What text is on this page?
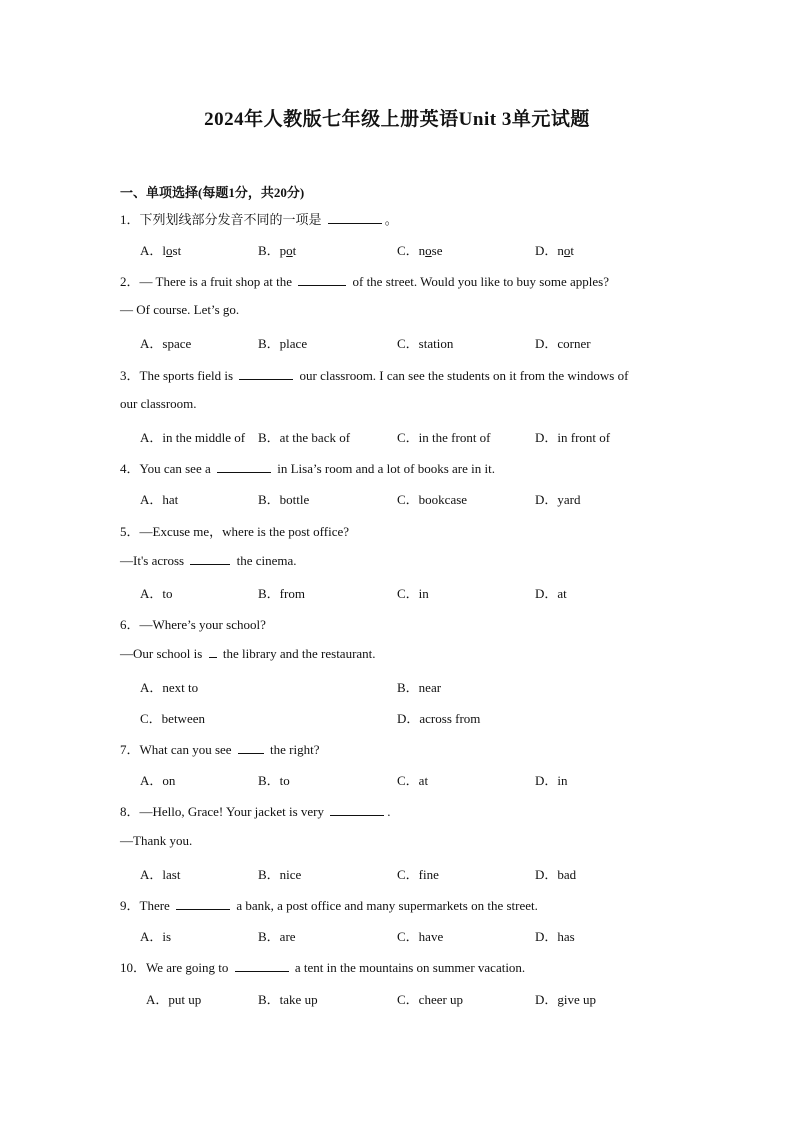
2024年人教版七年级上册英语Unit 3单元试题
一、单项选择(每题1分，共20分)
1．下列划线部分发音不同的一项是	。
A．lost	B．pot	C．nose	D．not
2．— There is a fruit shop at the	of the street. Would you like to buy some apples?
— Of course. Let’s go.
A．space	B．place	C．station	D．corner
3．The sports field is	our classroom. I can see the students on it from the windows of
our classroom.
A．in the middle of B．at the back of	C．in the front of	D．in front of
4．You can see a	in Lisa’s room and a lot of books are in it.
A．hat	B．bottle	C．bookcase	D．yard
5．—Excuse me，where is the post office?
—It's across	the cinema.
A．to	B．from	C．in	D．at
6．—Where’s your school?
—Our school is  the library and the restaurant.
A．next to	B．near
C．between	D．across from
7．What can you see  the right?
A．on	B．to	C．at	D．in
8．—Hello, Grace! Your jacket is very	.
—Thank you.
A．last	B．nice	C．fine	D．bad
9．There	a bank, a post office and many supermarkets on the street.
A．is	B．are	C．have	D．has
10．We are going to	a tent in the mountains on summer vacation.
A．put up	B．take up	C．cheer up	D．give up
